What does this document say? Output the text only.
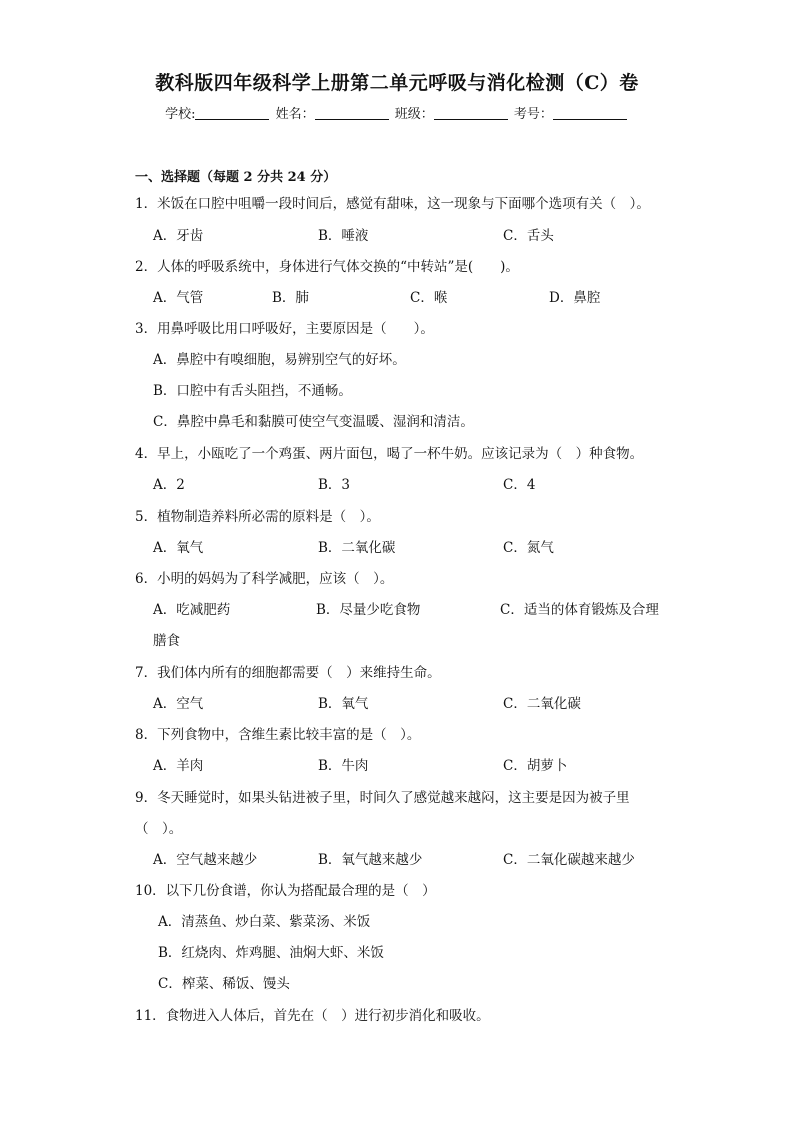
教科版四年级科学上册第二单元呼吸与消化检测（C）卷
学校:	姓名：	班级：	考号：
一、选择题（每题 2 分共 24 分）
1．米饭在口腔中咀嚼一段时间后，感觉有甜味，这一现象与下面哪个选项有关（　）。
A．牙齿	B．唾液	C．舌头
2．人体的呼吸系统中，身体进行气体交换的“中转站”是(　　)。
A．气管	B．肺	C．喉	D．鼻腔
3．用鼻呼吸比用口呼吸好，主要原因是（　　）。
A．鼻腔中有嗅细胞，易辨别空气的好坏。
B．口腔中有舌头阻挡，不通畅。
C．鼻腔中鼻毛和黏膜可使空气变温暖、湿润和清洁。
4．早上，小瓯吃了一个鸡蛋、两片面包，喝了一杯牛奶。应该记录为（　）种食物。
A．2	B．3	C．4
5．植物制造养料所必需的原料是（　）。
A．氧气	B．二氧化碳	C．氮气
6．小明的妈妈为了科学减肥，应该（　）。
A．吃减肥药	B．尽量少吃食物	C．适当的体育锻炼及合理
膳食
7．我们体内所有的细胞都需要（　）来维持生命。
A．空气	B．氧气	C．二氧化碳
8．下列食物中，含维生素比较丰富的是（　）。
A．羊肉	B．牛肉	C．胡萝卜
9．冬天睡觉时，如果头钻进被子里，时间久了感觉越来越闷，这主要是因为被子里
（　）。
A．空气越来越少	B．氧气越来越少	C．二氧化碳越来越少
10．以下几份食谱，你认为搭配最合理的是（　）
A．清蒸鱼、炒白菜、紫菜汤、米饭
B．红烧肉、炸鸡腿、油焖大虾、米饭
C．榨菜、稀饭、馒头
11．食物进入人体后，首先在（　）进行初步消化和吸收。
